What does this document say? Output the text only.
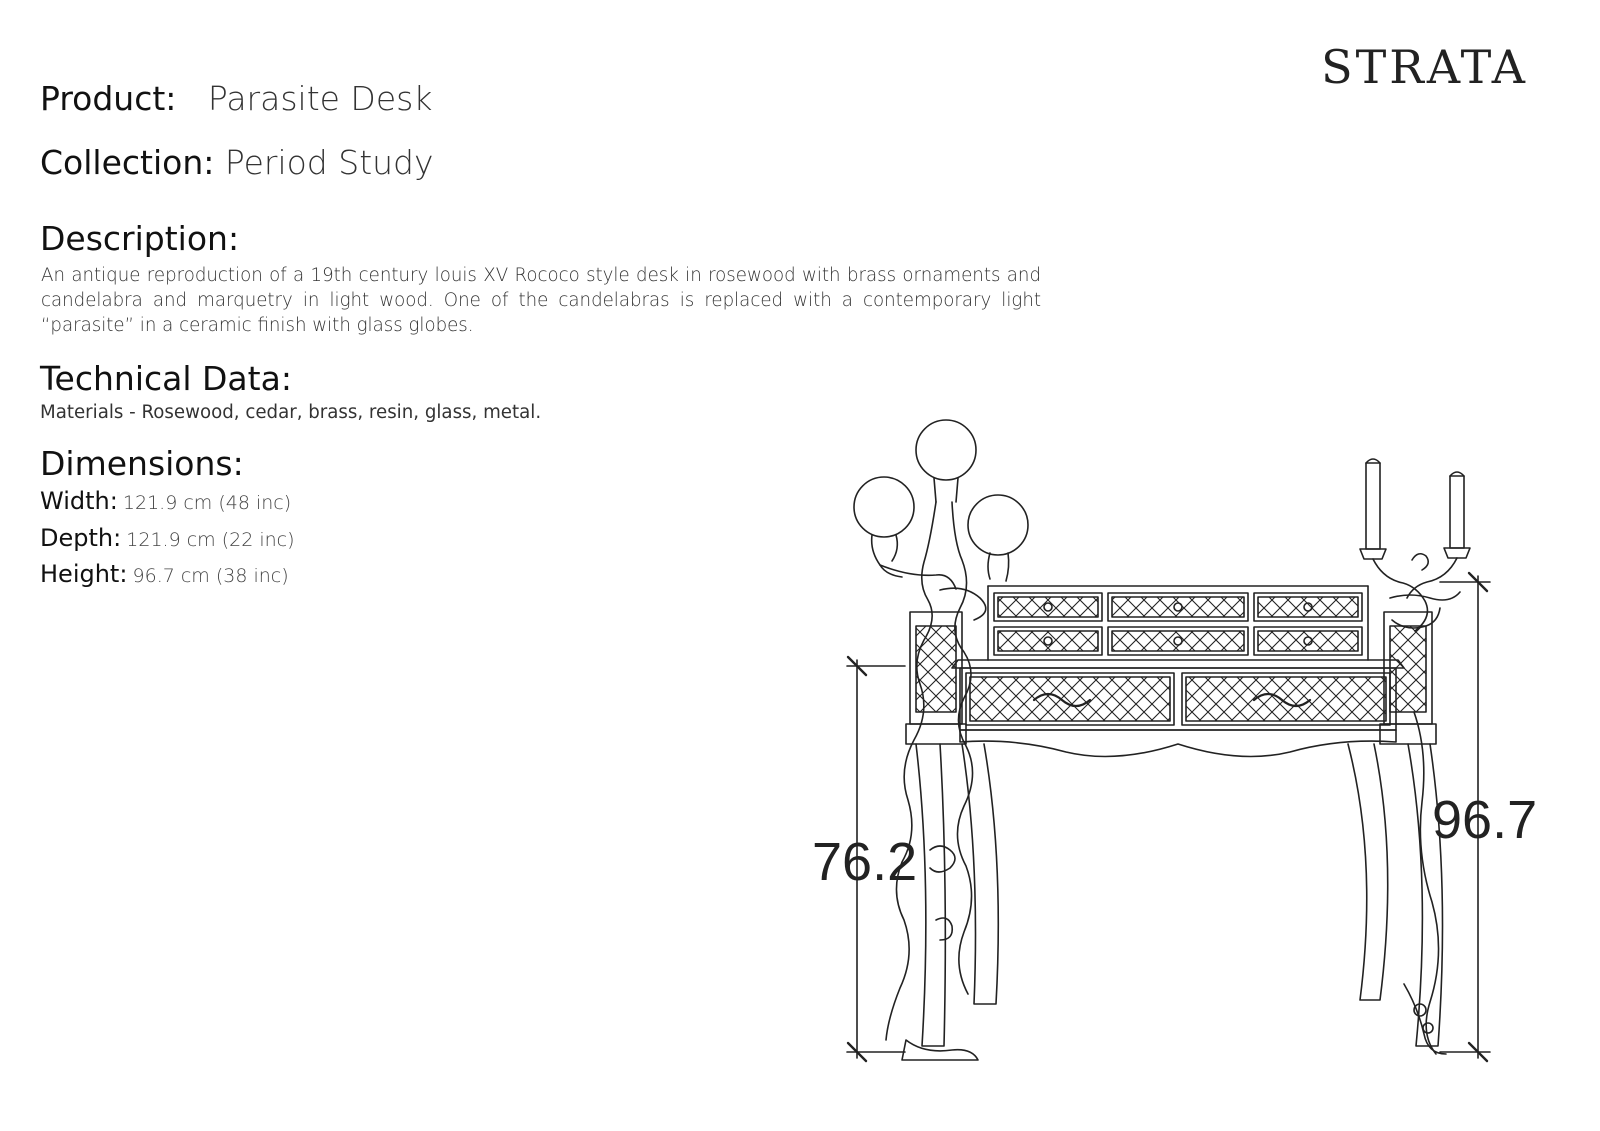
STRATA
Product: Parasite Desk
Collection: Period Study
Description:
An antique reproduction of a 19th century louis XV Rococo style desk in rosewood with brass ornaments and candelabra and marquetry in light wood. One of the candelabras is replaced with a contemporary light “parasite” in a ceramic finish with glass globes.
Technical Data:
Materials - Rosewood, cedar, brass, resin, glass, metal.
Dimensions:
Width: 121.9 cm (48 inc)
Depth: 121.9 cm (22 inc)
Height: 96.7 cm (38 inc)
76.2
96.7
